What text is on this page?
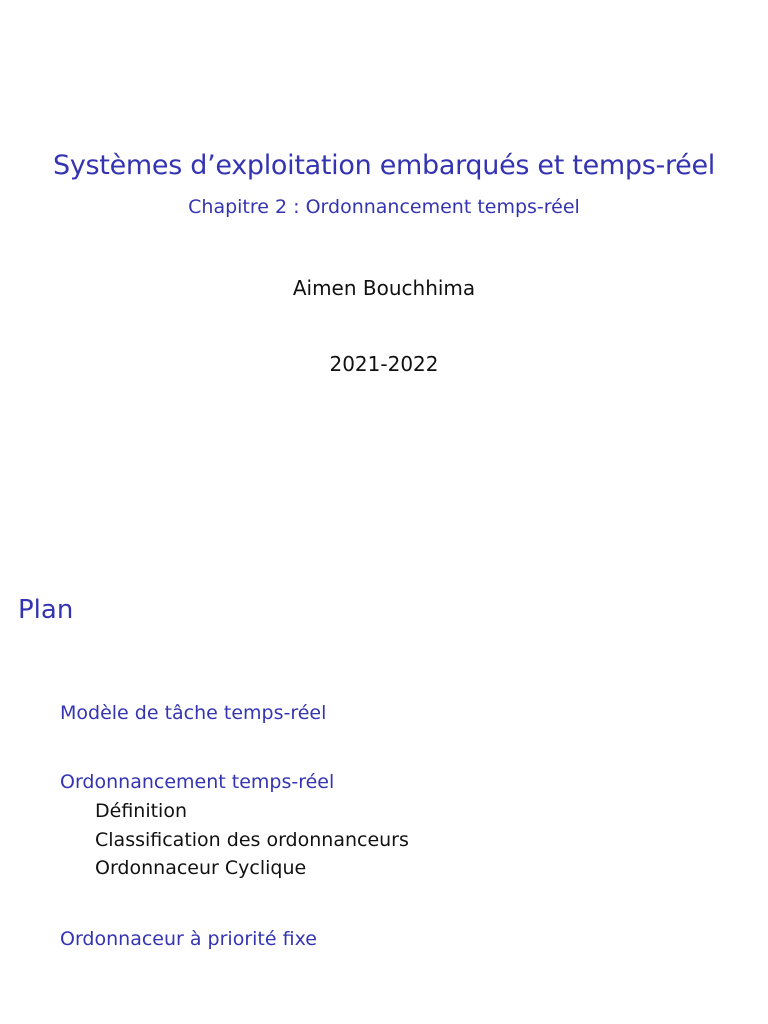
Systèmes d’exploitation embarqués et temps-réel
Chapitre 2 : Ordonnancement temps-réel
Aimen Bouchhima
2021-2022
Plan
Modèle de tâche temps-réel
Ordonnancement temps-réel
Définition
Classification des ordonnanceurs
Ordonnaceur Cyclique
Ordonnaceur à priorité fixe
